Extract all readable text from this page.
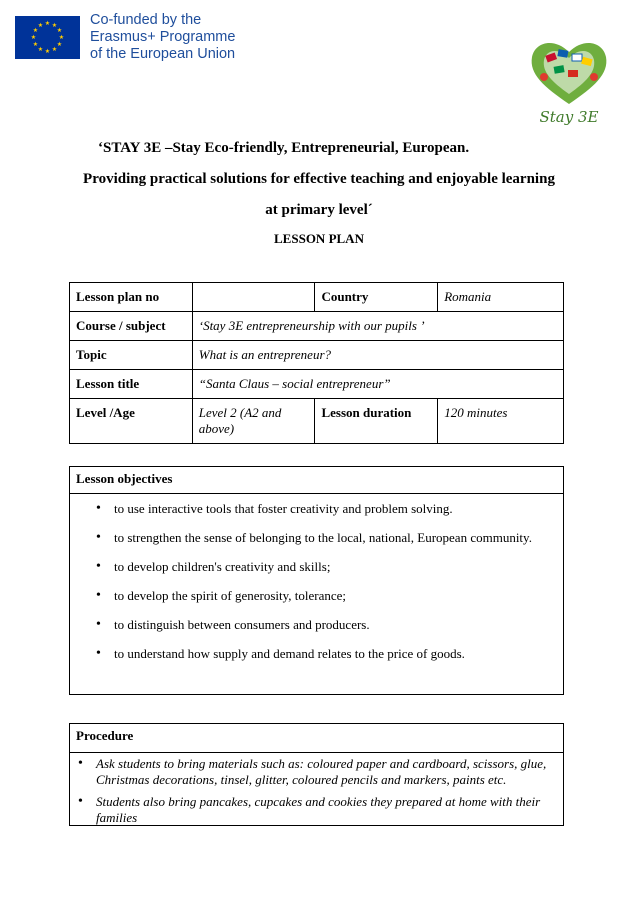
★ ★
★
★
★
★
★
★
★
★
★
★	Co-funded by the
Erasmus+ Programme
of the European Union
Stay 3E
‘STAY 3E –Stay Eco-friendly, Entrepreneurial, European.
Providing practical solutions for effective teaching and enjoyable learning
at primary level´
LESSON PLAN
Lesson plan no		Country	Romania
Course / subject	‘Stay 3E entrepreneurship with our pupils ’		
Topic	What is an entrepreneur?		
Lesson title	“Santa Claus – social entrepreneur”		
Level /Age	Level 2 (A2 and above)	Lesson duration	120 minutes
Lesson objectives
• to use interactive tools that foster creativity and problem solving.
• to strengthen the sense of belonging to the local, national, European community.
• to develop children's creativity and skills;
• to develop the spirit of generosity, tolerance;
• to distinguish between consumers and producers.
• to understand how supply and demand relates to the price of goods.
Procedure
• Ask students to bring materials such as: coloured paper and cardboard, scissors, glue, Christmas decorations, tinsel, glitter, coloured pencils and markers, paints etc.
• Students also bring pancakes, cupcakes and cookies they prepared at home with their families
